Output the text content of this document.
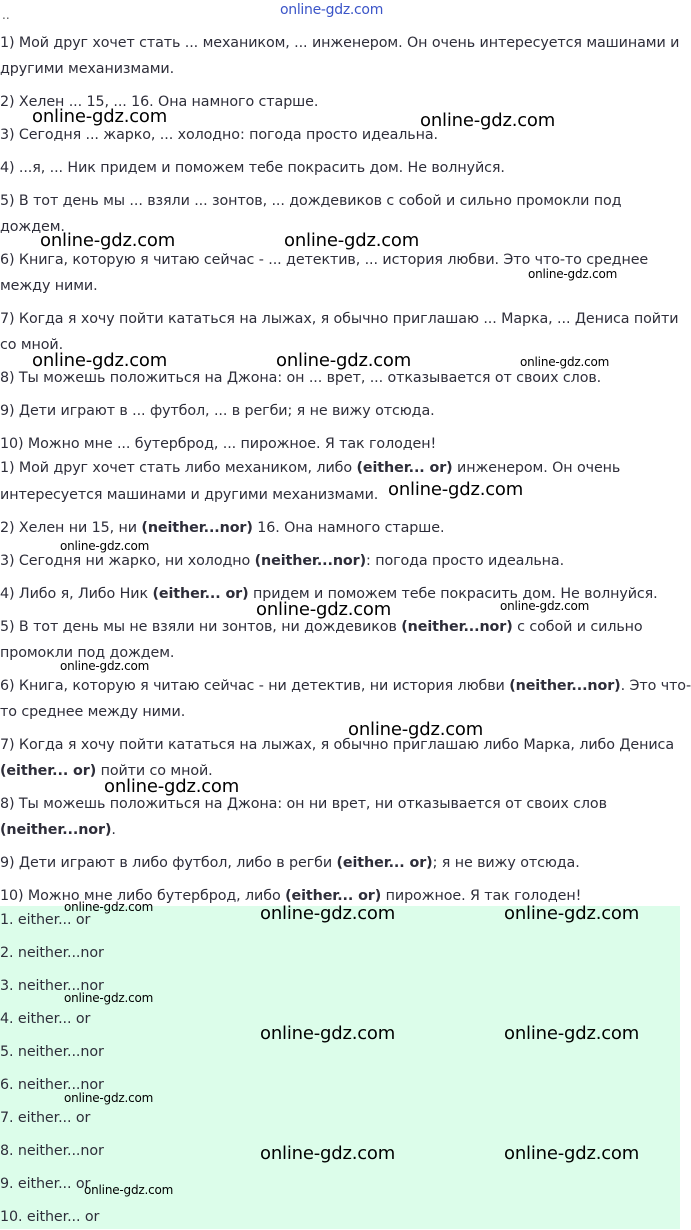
online-gdz.com
..
1) Мой друг хочет стать ... механиком, ... инженером. Он очень интересуется машинами и
другими механизмами.
2) Хелен ... 15, ... 16. Она намного старше.
3) Сегодня ... жарко, ... холодно: погода просто идеальна.
4) ...я, ... Ник придем и поможем тебе покрасить дом. Не волнуйся.
5) В тот день мы ... взяли ... зонтов, ... дождевиков с собой и сильно промокли под
дождем.
6) Книга, которую я читаю сейчас - ... детектив, ... история любви. Это что-то среднее
между ними.
7) Когда я хочу пойти кататься на лыжах, я обычно приглашаю ... Марка, ... Дениса пойти
со мной.
8) Ты можешь положиться на Джона: он ... врет, ... отказывается от своих слов.
9) Дети играют в ... футбол, ... в регби; я не вижу отсюда.
10) Можно мне ... бутерброд, ... пирожное. Я так голоден!
1) Мой друг хочет стать либо механиком, либо (either... or) инженером. Он очень
интересуется машинами и другими механизмами.
2) Хелен ни 15, ни (neither...nor) 16. Она намного старше.
3) Сегодня ни жарко, ни холодно (neither...nor): погода просто идеальна.
4) Либо я, Либо Ник (either... or) придем и поможем тебе покрасить дом. Не волнуйся.
5) В тот день мы не взяли ни зонтов, ни дождевиков (neither...nor) с собой и сильно
промокли под дождем.
6) Книга, которую я читаю сейчас - ни детектив, ни история любви (neither...nor). Это что-
то среднее между ними.
7) Когда я хочу пойти кататься на лыжах, я обычно приглашаю либо Марка, либо Дениса
(either... or) пойти со мной.
8) Ты можешь положиться на Джона: он ни врет, ни отказывается от своих слов
(neither...nor).
9) Дети играют в либо футбол, либо в регби (either... or); я не вижу отсюда.
10) Можно мне либо бутерброд, либо (either... or) пирожное. Я так голоден!
1. either... or
2. neither...nor
3. neither...nor
4. either... or
5. neither...nor
6. neither...nor
7. either... or
8. neither...nor
9. either... or
10. either... or
online-gdz.com	online-gdz.com
online-gdz.com	online-gdz.com
online-gdz.com
online-gdz.com	online-gdz.com	online-gdz.com
online-gdz.com
online-gdz.com
online-gdz.com	online-gdz.com
online-gdz.com
online-gdz.com
online-gdz.com
online-gdz.com	online-gdz.com	online-gdz.com
online-gdz.com
online-gdz.com	online-gdz.com
online-gdz.com
online-gdz.com	online-gdz.com
online-gdz.com
